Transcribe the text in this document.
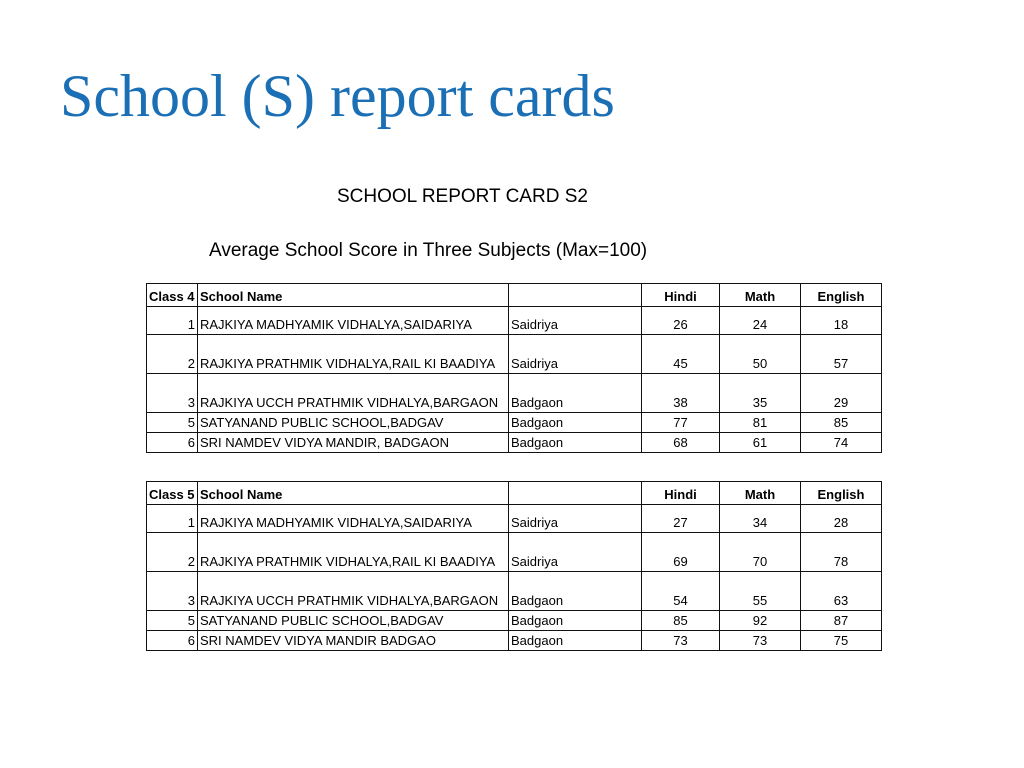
School (S) report cards
SCHOOL REPORT CARD S2
Average School Score in Three Subjects (Max=100)
Class 4	School Name		Hindi	Math	English
1	RAJKIYA MADHYAMIK VIDHALYA,SAIDARIYA	Saidriya	26	24	18
2	RAJKIYA PRATHMIK VIDHALYA,RAIL KI BAADIYA	Saidriya	45	50	57
3	RAJKIYA UCCH PRATHMIK VIDHALYA,BARGAON	Badgaon	38	35	29
5	SATYANAND PUBLIC SCHOOL,BADGAV	Badgaon	77	81	85
6	SRI NAMDEV VIDYA MANDIR, BADGAON	Badgaon	68	61	74
Class 5	School Name		Hindi	Math	English
1	RAJKIYA MADHYAMIK VIDHALYA,SAIDARIYA	Saidriya	27	34	28
2	RAJKIYA PRATHMIK VIDHALYA,RAIL KI BAADIYA	Saidriya	69	70	78
3	RAJKIYA UCCH PRATHMIK VIDHALYA,BARGAON	Badgaon	54	55	63
5	SATYANAND PUBLIC SCHOOL,BADGAV	Badgaon	85	92	87
6	SRI NAMDEV VIDYA MANDIR BADGAO	Badgaon	73	73	75
